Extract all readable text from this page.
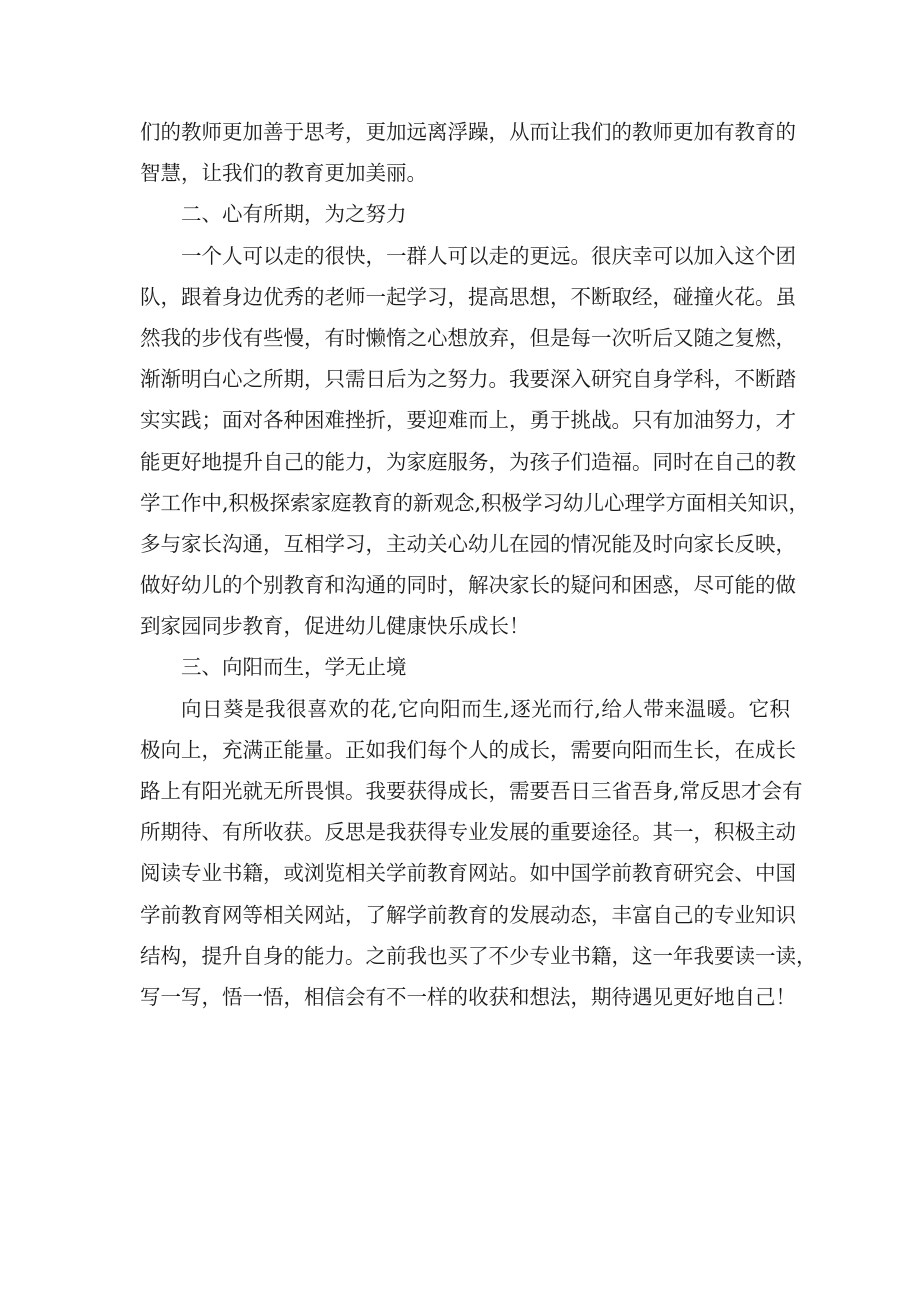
们的教师更加善于思考，更加远离浮躁，从而让我们的教师更加有教育的
智慧，让我们的教育更加美丽。
二、心有所期，为之努力
一个人可以走的很快，一群人可以走的更远。很庆幸可以加入这个团
队，跟着身边优秀的老师一起学习，提高思想，不断取经，碰撞火花。虽
然我的步伐有些慢，有时懒惰之心想放弃，但是每一次听后又随之复燃，
渐渐明白心之所期，只需日后为之努力。我要深入研究自身学科，不断踏
实实践；面对各种困难挫折，要迎难而上，勇于挑战。只有加油努力，才
能更好地提升自己的能力，为家庭服务，为孩子们造福。同时在自己的教
学工作中,积极探索家庭教育的新观念,积极学习幼儿心理学方面相关知识，
多与家长沟通，互相学习，主动关心幼儿在园的情况能及时向家长反映，
做好幼儿的个别教育和沟通的同时，解决家长的疑问和困惑，尽可能的做
到家园同步教育，促进幼儿健康快乐成长！
三、向阳而生，学无止境
向日葵是我很喜欢的花,它向阳而生,逐光而行,给人带来温暖。它积
极向上，充满正能量。正如我们每个人的成长，需要向阳而生长，在成长
路上有阳光就无所畏惧。我要获得成长，需要吾日三省吾身,常反思才会有
所期待、有所收获。反思是我获得专业发展的重要途径。其一，积极主动
阅读专业书籍，或浏览相关学前教育网站。如中国学前教育研究会、中国
学前教育网等相关网站，了解学前教育的发展动态，丰富自己的专业知识
结构，提升自身的能力。之前我也买了不少专业书籍，这一年我要读一读，
写一写，悟一悟，相信会有不一样的收获和想法，期待遇见更好地自己！
